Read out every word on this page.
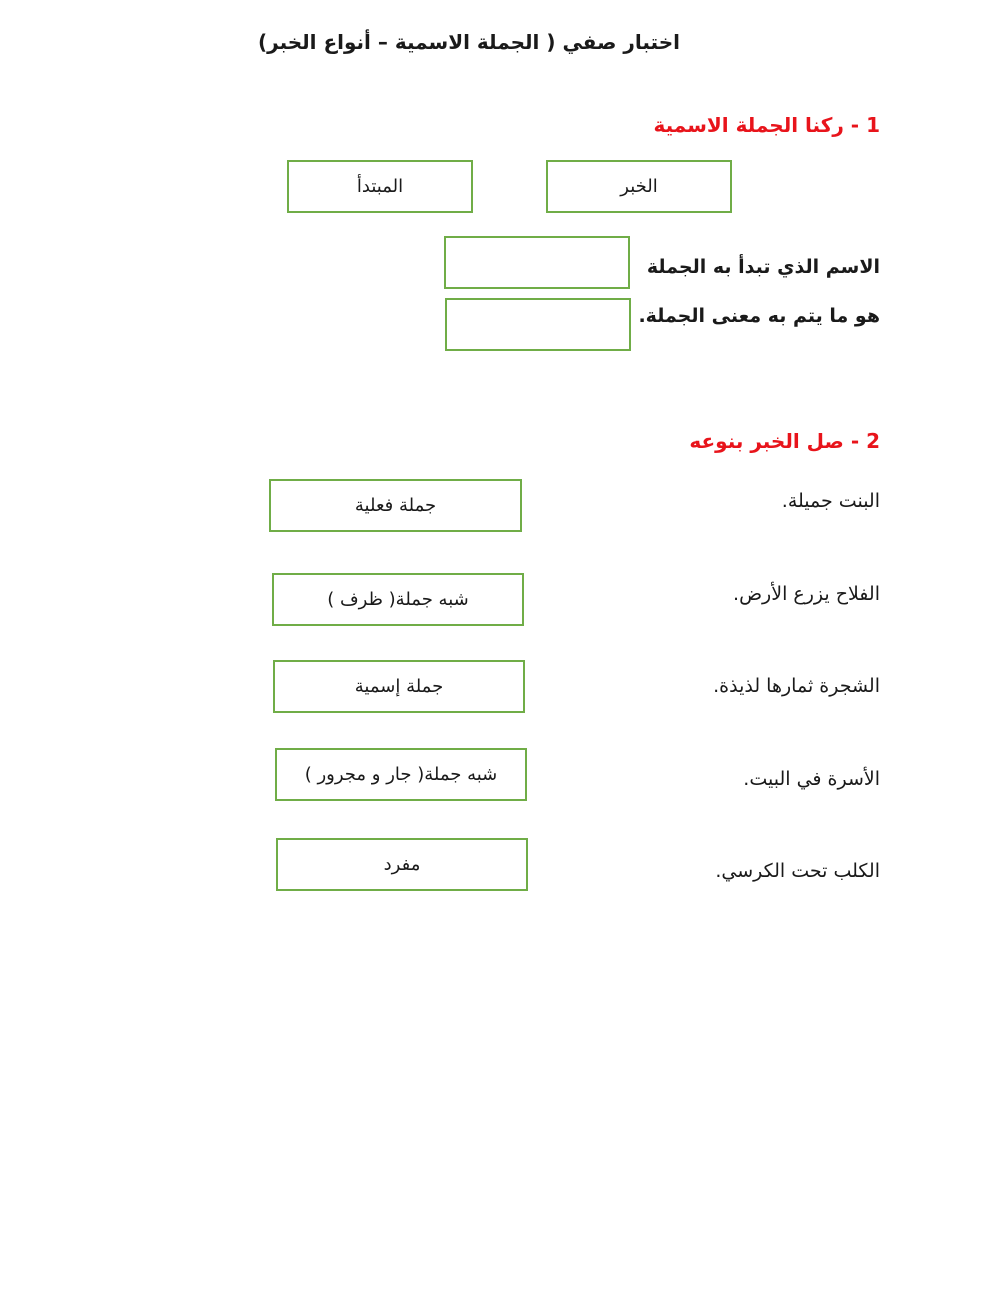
اختبار صفي ( الجملة الاسمية – أنواع الخبر)
1 - ركنا الجملة الاسمية
الخبر
المبتدأ
الاسم الذي تبدأ به الجملة
هو ما يتم به معنى الجملة.
2 - صل الخبر بنوعه
البنت جميلة.
جملة فعلية
الفلاح يزرع الأرض.
شبه جملة( ظرف )
الشجرة ثمارها لذيذة.
جملة إسمية
الأسرة في البيت.
شبه جملة( جار و مجرور )
الكلب تحت الكرسي.
مفرد
